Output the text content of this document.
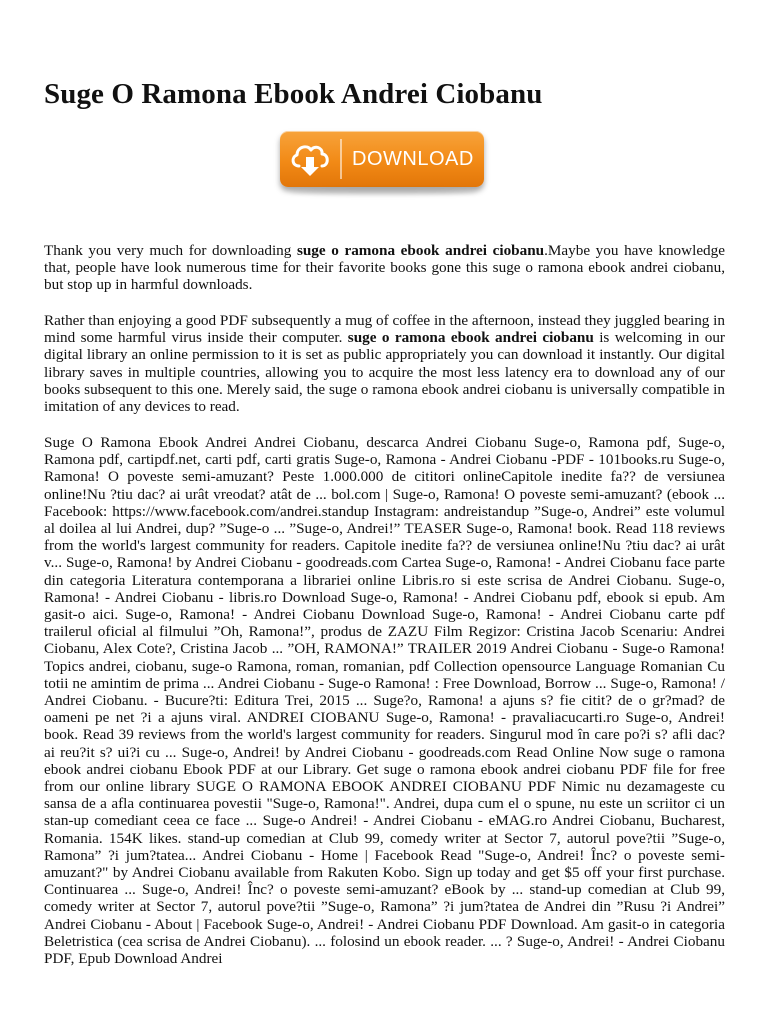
Suge O Ramona Ebook Andrei Ciobanu
DOWNLOAD

Thank you very much for downloading suge o ramona ebook andrei ciobanu.Maybe you have knowledge that, people have look numerous time for their favorite books gone this suge o ramona ebook andrei ciobanu, but stop up in harmful downloads.

Rather than enjoying a good PDF subsequently a mug of coffee in the afternoon, instead they juggled bearing in mind some harmful virus inside their computer. suge o ramona ebook andrei ciobanu is welcoming in our digital library an online permission to it is set as public appropriately you can download it instantly. Our digital library saves in multiple countries, allowing you to acquire the most less latency era to download any of our books subsequent to this one. Merely said, the suge o ramona ebook andrei ciobanu is universally compatible in imitation of any devices to read.

Suge O Ramona Ebook Andrei Andrei Ciobanu, descarca Andrei Ciobanu Suge-o, Ramona pdf, Suge-o, Ramona pdf, cartipdf.net, carti pdf, carti gratis Suge-o, Ramona - Andrei Ciobanu -PDF - 101books.ru Suge-o, Ramona! O poveste semi-amuzant? Peste 1.000.000 de cititori onlineCapitole inedite fa?? de versiunea online!Nu ?tiu dac? ai urât vreodat? atât de ... bol.com | Suge-o, Ramona! O poveste semi-amuzant? (ebook ... Facebook: https://www.facebook.com/andrei.standup Instagram: andreistandup ”Suge-o, Andrei” este volumul al doilea al lui Andrei, dup? ”Suge-o ... ”Suge-o, Andrei!” TEASER Suge-o, Ramona! book. Read 118 reviews from the world's largest community for readers. Capitole inedite fa?? de versiunea online!Nu ?tiu dac? ai urât v... Suge-o, Ramona! by Andrei Ciobanu - goodreads.com Cartea Suge-o, Ramona! - Andrei Ciobanu face parte din categoria Literatura contemporana a librariei online Libris.ro si este scrisa de Andrei Ciobanu. Suge-o, Ramona! - Andrei Ciobanu - libris.ro Download Suge-o, Ramona! - Andrei Ciobanu pdf, ebook si epub. Am gasit-o aici. Suge-o, Ramona! - Andrei Ciobanu Download Suge-o, Ramona! - Andrei Ciobanu carte pdf trailerul oficial al filmului ”Oh, Ramona!”, produs de ZAZU Film Regizor: Cristina Jacob Scenariu: Andrei Ciobanu, Alex Cote?, Cristina Jacob ... ”OH, RAMONA!” TRAILER 2019 Andrei Ciobanu - Suge-o Ramona! Topics andrei, ciobanu, suge-o Ramona, roman, romanian, pdf Collection opensource Language Romanian Cu totii ne amintim de prima ... Andrei Ciobanu - Suge-o Ramona! : Free Download, Borrow ... Suge-o, Ramona! / Andrei Ciobanu. - Bucure?ti: Editura Trei, 2015 ... Suge?o, Ramona! a ajuns s? fie citit? de o gr?mad? de oameni pe net ?i a ajuns viral. ANDREI CIOBANU Suge-o, Ramona! - pravaliacucarti.ro Suge-o, Andrei! book. Read 39 reviews from the world's largest community for readers. Singurul mod în care po?i s? afli dac? ai reu?it s? ui?i cu ... Suge-o, Andrei! by Andrei Ciobanu - goodreads.com Read Online Now suge o ramona ebook andrei ciobanu Ebook PDF at our Library. Get suge o ramona ebook andrei ciobanu PDF file for free from our online library SUGE O RAMONA EBOOK ANDREI CIOBANU PDF Nimic nu dezamageste cu sansa de a afla continuarea povestii "Suge-o, Ramona!". Andrei, dupa cum el o spune, nu este un scriitor ci un stan-up comediant ceea ce face ... Suge-o Andrei! - Andrei Ciobanu - eMAG.ro Andrei Ciobanu, Bucharest, Romania. 154K likes. stand-up comedian at Club 99, comedy writer at Sector 7, autorul pove?tii ”Suge-o, Ramona” ?i jum?tatea... Andrei Ciobanu - Home | Facebook Read "Suge-o, Andrei! Înc? o poveste semi-amuzant?" by Andrei Ciobanu available from Rakuten Kobo. Sign up today and get $5 off your first purchase. Continuarea ... Suge-o, Andrei! Înc? o poveste semi-amuzant? eBook by ... stand-up comedian at Club 99, comedy writer at Sector 7, autorul pove?tii ”Suge-o, Ramona” ?i jum?tatea de Andrei din ”Rusu ?i Andrei” Andrei Ciobanu - About | Facebook Suge-o, Andrei! - Andrei Ciobanu PDF Download. Am gasit-o in categoria Beletristica (cea scrisa de Andrei Ciobanu). ... folosind un ebook reader. ... ? Suge-o, Andrei! - Andrei Ciobanu PDF, Epub Download Andrei
